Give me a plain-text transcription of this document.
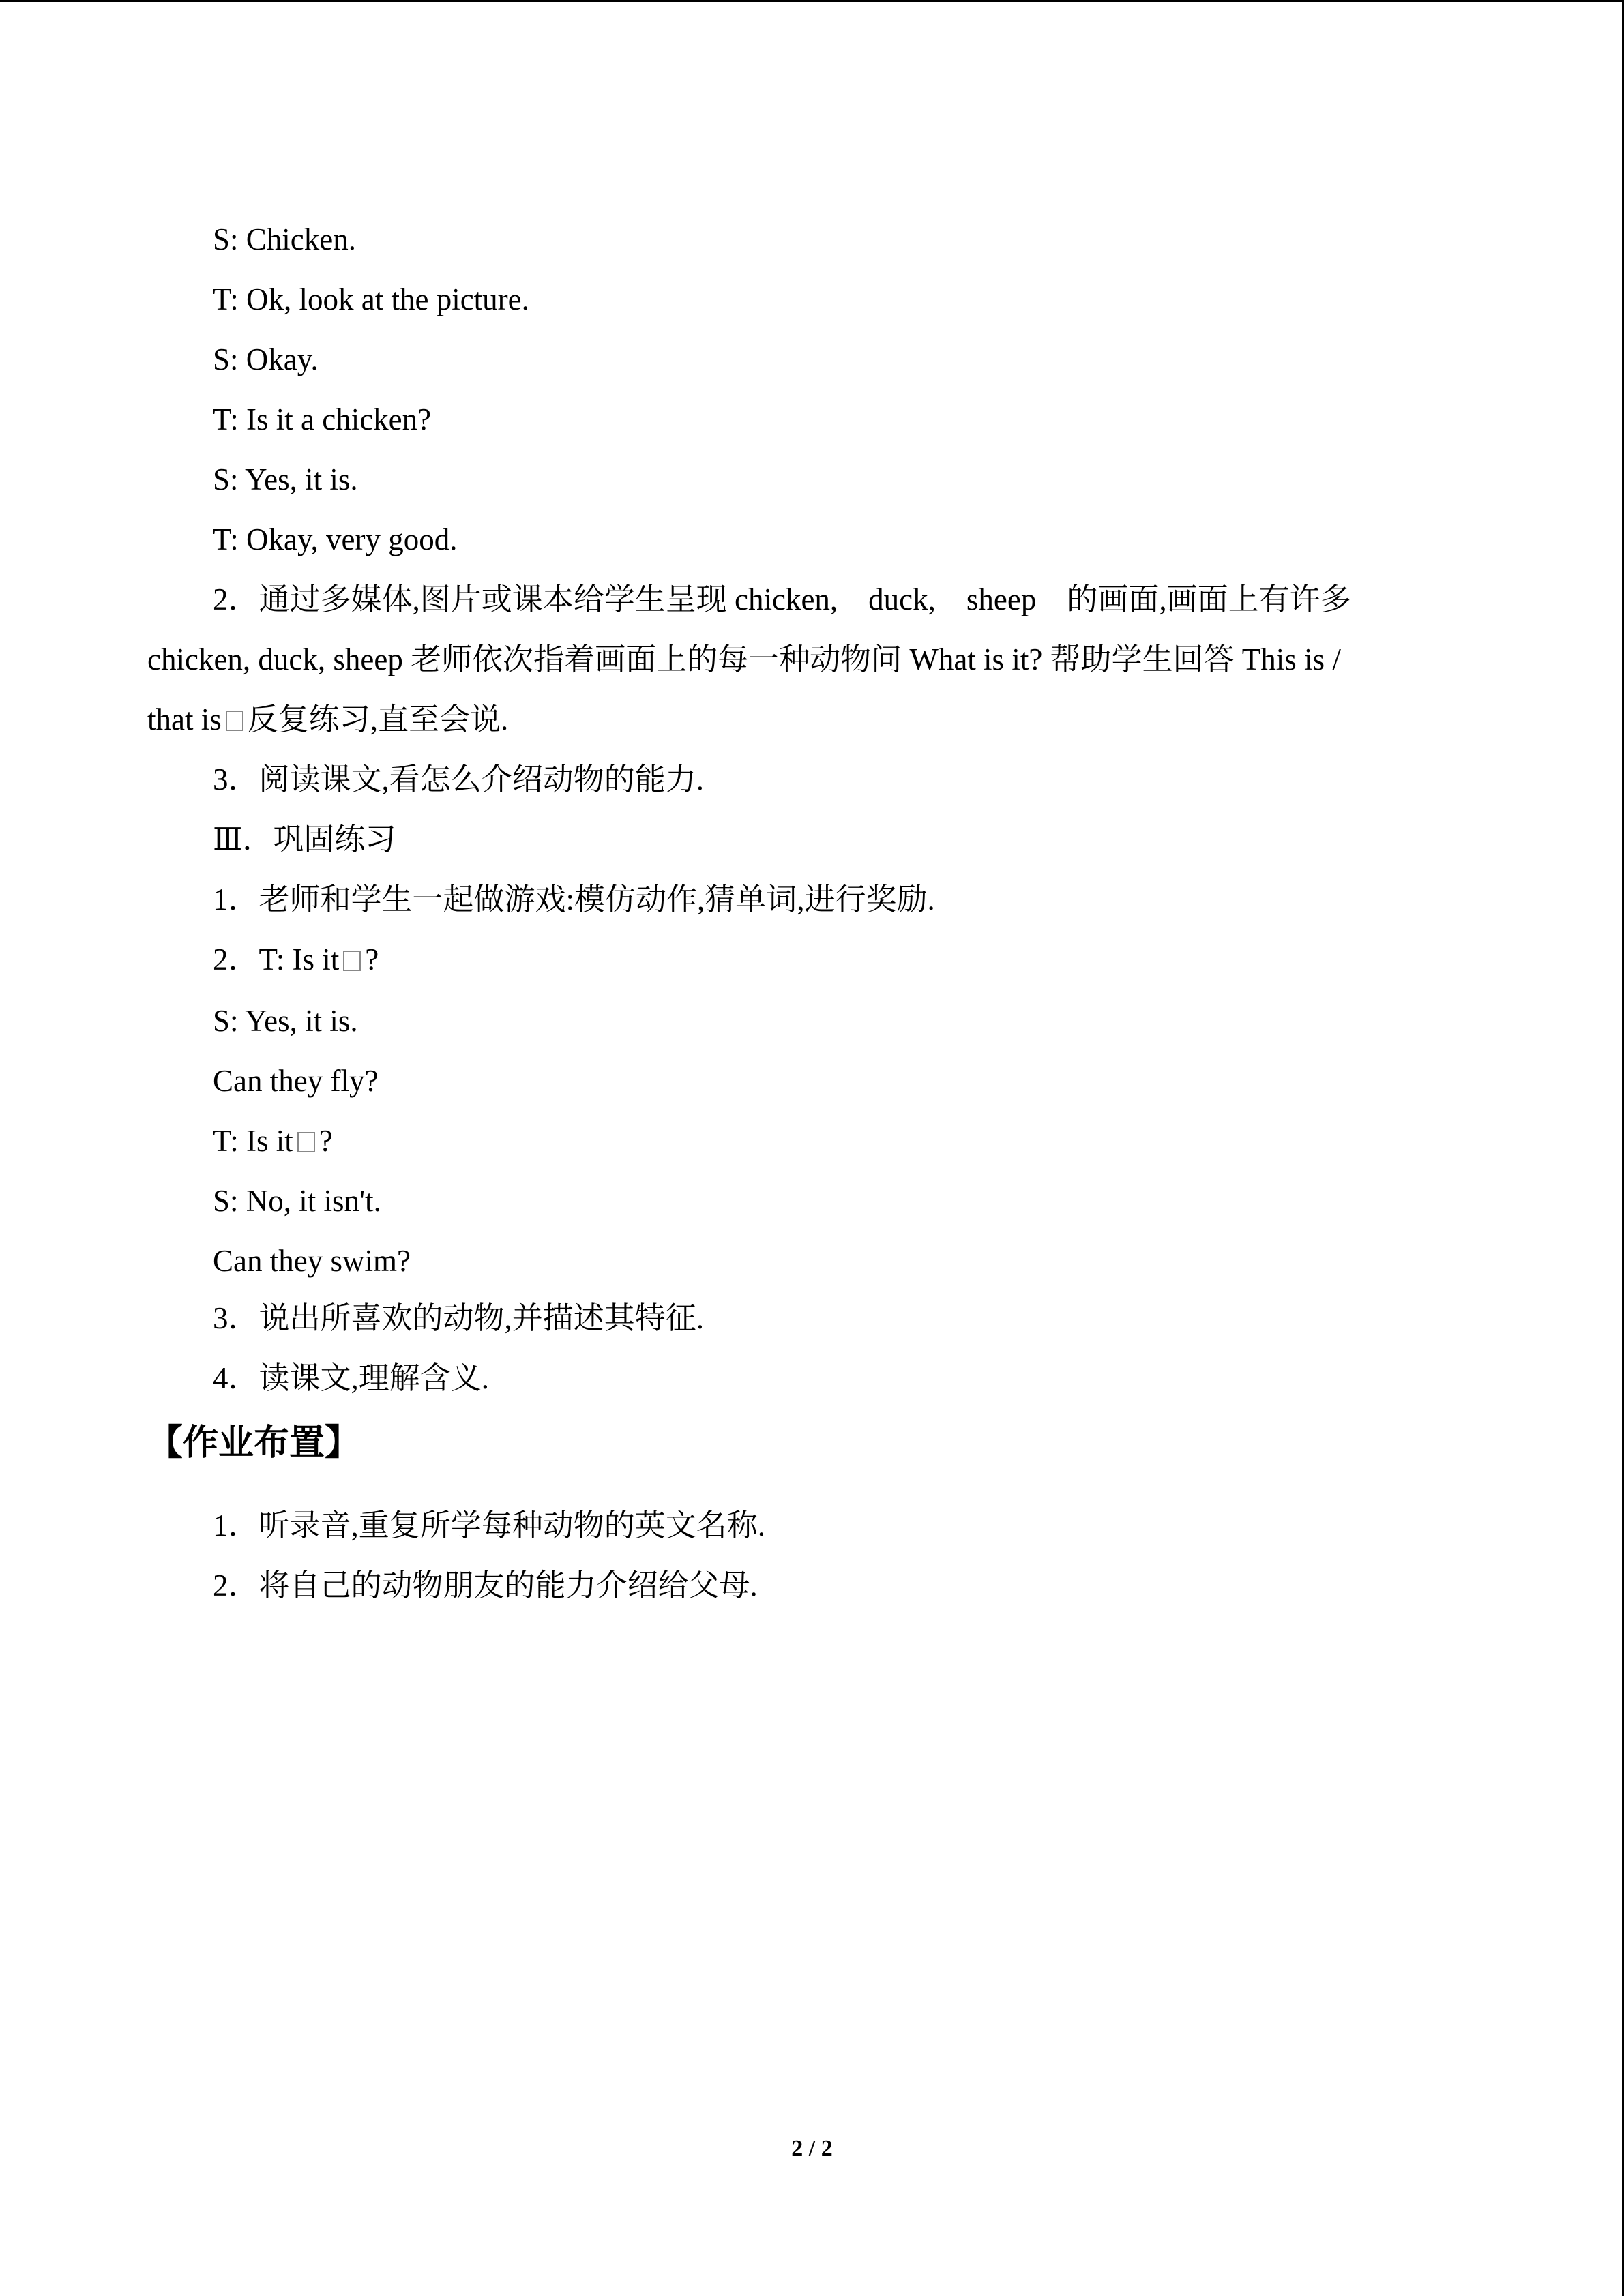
S: Chicken.
T: Ok, look at the picture.
S: Okay.
T: Is it a chicken?
S: Yes, it is.
T: Okay, very good.
2．通过多媒体,图片或课本给学生呈现 chicken,　duck,　sheep　的画面,画面上有许多
chicken, duck, sheep 老师依次指着画面上的每一种动物问 What is it? 帮助学生回答 This is /
that is 反复练习,直至会说.
3．阅读课文,看怎么介绍动物的能力.
Ⅲ．巩固练习
1．老师和学生一起做游戏:模仿动作,猜单词,进行奖励.
2．T: Is it ?
S: Yes, it is.
Can they fly?
T: Is it ?
S: No, it isn't.
Can they swim?
3．说出所喜欢的动物,并描述其特征.
4．读课文,理解含义.
【作业布置】
1．听录音,重复所学每种动物的英文名称.
2．将自己的动物朋友的能力介绍给父母.
2 / 2
